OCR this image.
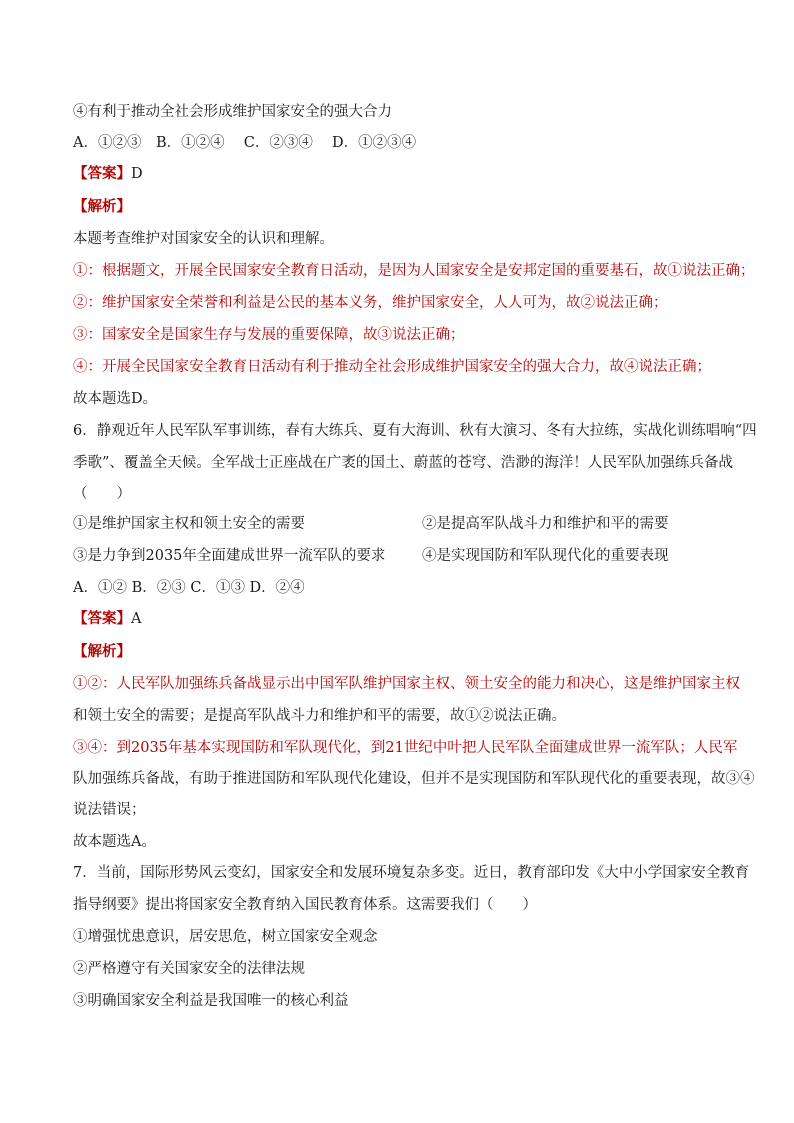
④有利于推动全社会形成维护国家安全的强大合力
A．①②③　B．①②④　 C．②③④　 D．①②③④
【答案】D
【解析】
本题考查维护对国家安全的认识和理解。
①：根据题文，开展全民国家安全教育日活动，是因为人国家安全是安邦定国的重要基石，故①说法正确；
②：维护国家安全荣誉和利益是公民的基本义务，维护国家安全，人人可为，故②说法正确；
③：国家安全是国家生存与发展的重要保障，故③说法正确；
④：开展全民国家安全教育日活动有利于推动全社会形成维护国家安全的强大合力，故④说法正确；
故本题选D。
6．静观近年人民军队军事训练，春有大练兵、夏有大海训、秋有大演习、冬有大拉练，实战化训练唱响“四
季歌”、覆盖全天候。全军战士正座战在广袤的国土、蔚蓝的苍穹、浩渺的海洋！人民军队加强练兵备战
（　　）
①是维护国家主权和领土安全的需要	②是提高军队战斗力和维护和平的需要
③是力争到2035年全面建成世界一流军队的要求	④是实现国防和军队现代化的重要表现
A．①② B．②③ C．①③ D．②④
【答案】A
【解析】
①②：人民军队加强练兵备战显示出中国军队维护国家主权、领土安全的能力和决心，这是维护国家主权
和领土安全的需要；是提高军队战斗力和维护和平的需要，故①②说法正确。
③④：到2035年基本实现国防和军队现代化，到21世纪中叶把人民军队全面建成世界一流军队；人民军
队加强练兵备战，有助于推进国防和军队现代化建设，但并不是实现国防和军队现代化的重要表现，故③④
说法错误；
故本题选A。
7．当前，国际形势风云变幻，国家安全和发展环境复杂多变。近日，教育部印发《大中小学国家安全教育
指导纲要》提出将国家安全教育纳入国民教育体系。这需要我们（　　）
①增强忧患意识，居安思危，树立国家安全观念
②严格遵守有关国家安全的法律法规
③明确国家安全利益是我国唯一的核心利益
